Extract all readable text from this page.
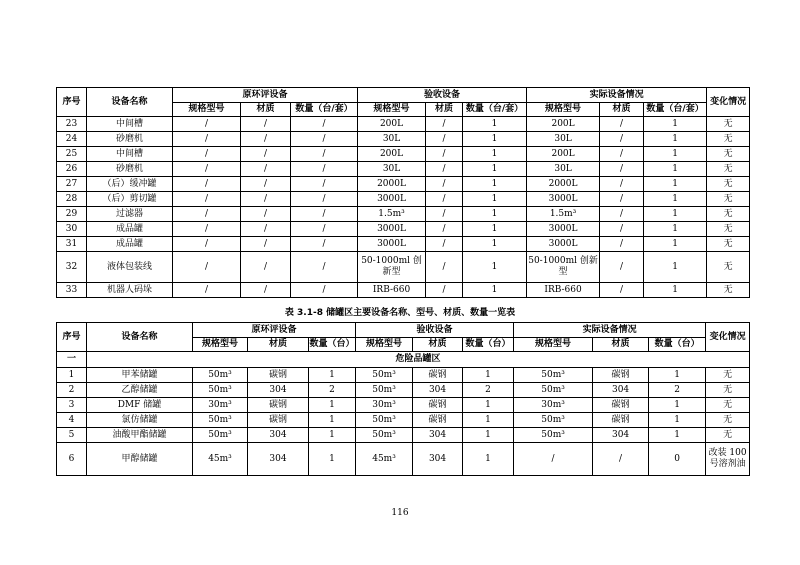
序号	设备名称	原环评设备			验收设备			实际设备情况			变化情况
		规格型号	材质	数量（台/套）	规格型号	材质	数量（台/套）	规格型号	材质	数量（台/套）	
23	中间槽	/	/	/	200L	/	1	200L	/	1	无
24	砂磨机	/	/	/	30L	/	1	30L	/	1	无
25	中间槽	/	/	/	200L	/	1	200L	/	1	无
26	砂磨机	/	/	/	30L	/	1	30L	/	1	无
27	（后）缓冲罐	/	/	/	2000L	/	1	2000L	/	1	无
28	（后）剪切罐	/	/	/	3000L	/	1	3000L	/	1	无
29	过滤器	/	/	/	1.5m³	/	1	1.5m³	/	1	无
30	成品罐	/	/	/	3000L	/	1	3000L	/	1	无
31	成品罐	/	/	/	3000L	/	1	3000L	/	1	无
32	液体包装线	/	/	/	50-1000ml 创新型	/	1	50-1000ml 创新型	/	1	无
33	机器人码垛	/	/	/	IRB-660	/	1	IRB-660	/	1	无
表 3.1-8 储罐区主要设备名称、型号、材质、数量一览表
序号	设备名称	原环评设备			验收设备			实际设备情况			变化情况
		规格型号	材质	数量（台）	规格型号	材质	数量（台）	规格型号	材质	数量（台）	
一	危险品罐区										
1	甲苯储罐	50m³	碳钢	1	50m³	碳钢	1	50m³	碳钢	1	无
2	乙醇储罐	50m³	304	2	50m³	304	2	50m³	304	2	无
3	DMF 储罐	30m³	碳钢	1	30m³	碳钢	1	30m³	碳钢	1	无
4	氯仿储罐	50m³	碳钢	1	50m³	碳钢	1	50m³	碳钢	1	无
5	油酸甲酯储罐	50m³	304	1	50m³	304	1	50m³	304	1	无
6	甲醇储罐	45m³	304	1	45m³	304	1	/	/	0	改装 100 号溶剂油
116
